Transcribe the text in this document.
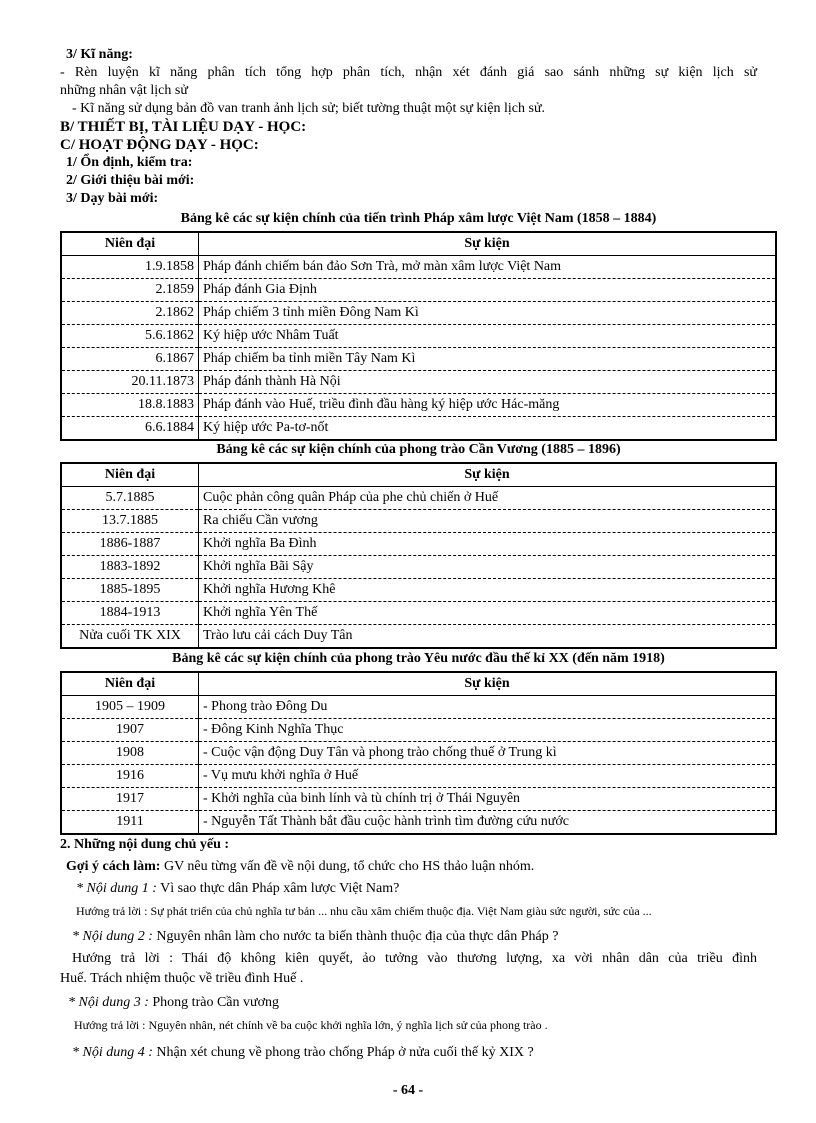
3/ Kĩ năng:
- Rèn luyện kĩ năng phân tích tổng hợp phân tích, nhận xét đánh giá sao sánh những sự kiện lịch sử
những nhân vật lịch sử
- Kĩ năng sử dụng bản đồ van tranh ảnh lịch sử; biết tường thuật một sự kiện lịch sử.
B/ THIẾT BỊ, TÀI LIỆU DẠY - HỌC:
C/ HOẠT ĐỘNG DẠY - HỌC:
1/ Ổn định, kiểm tra:
2/ Giới thiệu bài mới:
3/ Dạy bài mới:
Bảng kê các sự kiện chính của tiến trình Pháp xâm lược Việt Nam (1858 – 1884)
Niên đại	Sự kiện
1.9.1858	Pháp đánh chiếm bán đảo Sơn Trà, mở màn xâm lược Việt Nam
2.1859	Pháp đánh Gia Định
2.1862	Pháp chiếm 3 tỉnh miền Đông Nam Kì
5.6.1862	Ký hiệp ước Nhâm Tuất
6.1867	Pháp chiếm ba tỉnh miền Tây Nam Kì
20.11.1873	Pháp đánh thành Hà Nội
18.8.1883	Pháp đánh vào Huế, triều đình đầu hàng ký hiệp ước Hác-măng
6.6.1884	Ký hiệp ước Pa-tơ-nốt
Bảng kê các sự kiện chính của phong trào Cần Vương (1885 – 1896)
Niên đại	Sự kiện
5.7.1885	Cuộc phản công quân Pháp của phe chủ chiến ở Huế
13.7.1885	Ra chiếu Cần vương
1886-1887	Khởi nghĩa Ba Đình
1883-1892	Khởi nghĩa Bãi Sậy
1885-1895	Khởi nghĩa Hương Khê
1884-1913	Khởi nghĩa Yên Thế
Nửa cuối TK XIX	Trào lưu cải cách Duy Tân
Bảng kê các sự kiện chính của phong trào Yêu nước đầu thế kỉ XX (đến năm 1918)
Niên đại	Sự kiện
1905 – 1909	- Phong trào Đông Du
1907	- Đông Kinh Nghĩa Thục
1908	- Cuộc vận động Duy Tân và phong trào chống thuế ở Trung kì
1916	- Vụ mưu khởi nghĩa ở Huế
1917	- Khởi nghĩa của binh lính và tù chính trị ở Thái Nguyên
1911	- Nguyễn Tất Thành bắt đầu cuộc hành trình tìm đường cứu nước
2. Những nội dung chủ yếu :
Gợi ý cách làm: GV nêu từng vấn đề về nội dung, tổ chức cho HS thảo luận nhóm.
* Nội dung 1 : Vì sao thực dân Pháp xâm lược Việt Nam?
Hướng trả lời : Sự phát triển của chủ nghĩa tư bản ... nhu cầu xâm chiếm thuộc địa. Việt Nam giàu sức người, sức của ...
* Nội dung 2 : Nguyên nhân làm cho nước ta biến thành thuộc địa của thực dân Pháp ?
Hướng trả lời : Thái độ không kiên quyết, ảo tưởng vào thương lượng, xa vời nhân dân của triều đình
Huế. Trách nhiệm thuộc về triều đình Huế .
* Nội dung 3 : Phong trào Cần vương
Hướng trả lời : Nguyên nhân, nét chính về ba cuộc khởi nghĩa lớn, ý nghĩa lịch sử của phong trào .
* Nội dung 4 : Nhận xét chung về phong trào chống Pháp ở nửa cuối thế kỷ XIX ?
- 64 -
